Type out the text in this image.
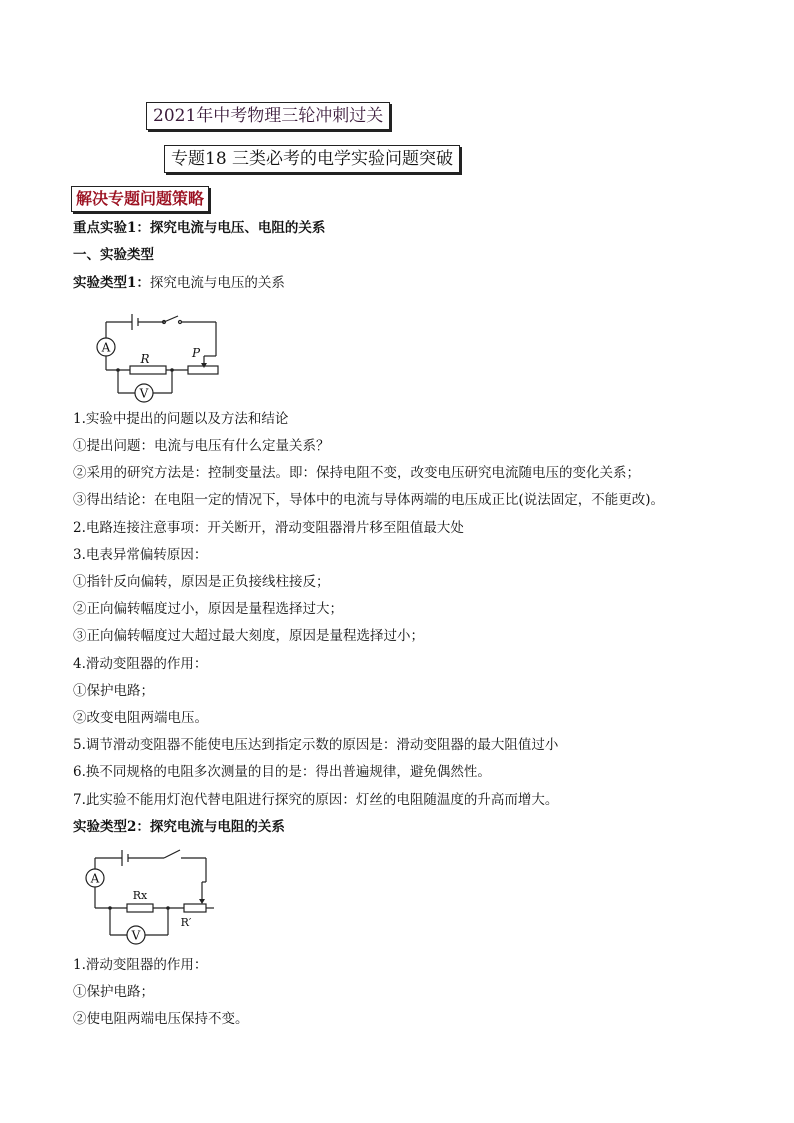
2021年中考物理三轮冲刺过关
专题18 三类必考的电学实验问题突破
解决专题问题策略
重点实验1：探究电流与电压、电阻的关系
一、实验类型
实验类型1：探究电流与电压的关系
A
V
R	P
1.实验中提出的问题以及方法和结论
①提出问题：电流与电压有什么定量关系？
②采用的研究方法是：控制变量法。即：保持电阻不变，改变电压研究电流随电压的变化关系；
③得出结论：在电阻一定的情况下，导体中的电流与导体两端的电压成正比(说法固定，不能更改)。
2.电路连接注意事项：开关断开，滑动变阻器滑片移至阻值最大处
3.电表异常偏转原因：
①指针反向偏转，原因是正负接线柱接反；
②正向偏转幅度过小，原因是量程选择过大；
③正向偏转幅度过大超过最大刻度，原因是量程选择过小；
4.滑动变阻器的作用：
①保护电路；
②改变电阻两端电压。
5.调节滑动变阻器不能使电压达到指定示数的原因是：滑动变阻器的最大阻值过小
6.换不同规格的电阻多次测量的目的是：得出普遍规律，避免偶然性。
7.此实验不能用灯泡代替电阻进行探究的原因：灯丝的电阻随温度的升高而增大。
实验类型2：探究电流与电阻的关系
A
V
Rx
R′
1.滑动变阻器的作用：
①保护电路；
②使电阻两端电压保持不变。
